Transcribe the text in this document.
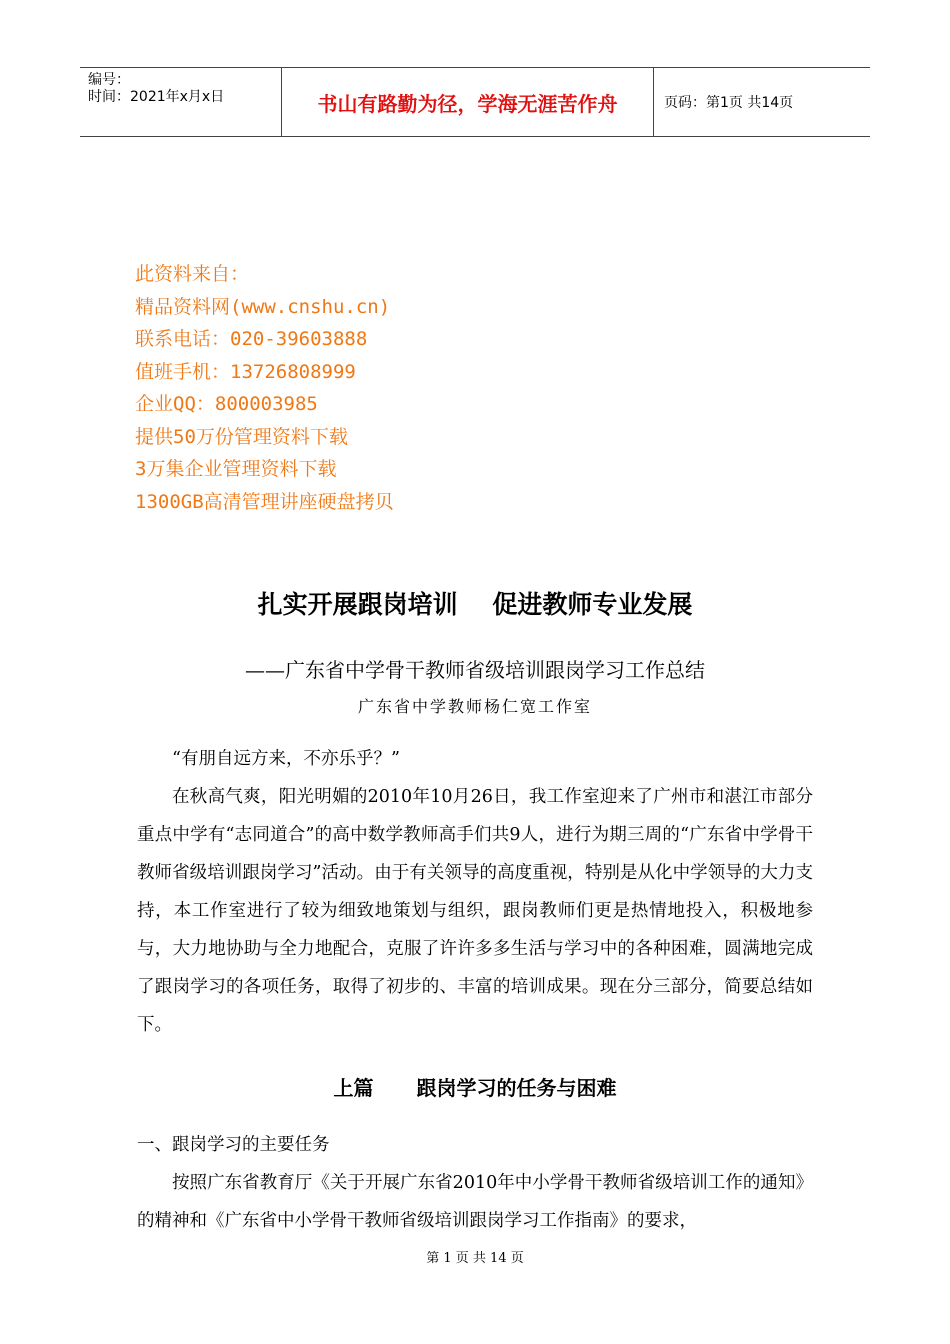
编号：
时间：2021年x月x日	书山有路勤为径，学海无涯苦作舟	页码：第1页 共14页
此资料来自：
精品资料网(www.cnshu.cn)
联系电话：020-39603888
值班手机：13726808999
企业QQ：800003985
提供50万份管理资料下载
3万集企业管理资料下载
1300GB高清管理讲座硬盘拷贝
扎实开展跟岗培训    促进教师专业发展
——广东省中学骨干教师省级培训跟岗学习工作总结
广东省中学教师杨仁宽工作室
“有朋自远方来，不亦乐乎？”
在秋高气爽，阳光明媚的2010年10月26日，我工作室迎来了广州市和湛江市部分重点中学有“志同道合”的高中数学教师高手们共9人，进行为期三周的“广东省中学骨干教师省级培训跟岗学习”活动。由于有关领导的高度重视，特别是从化中学领导的大力支持，本工作室进行了较为细致地策划与组织，跟岗教师们更是热情地投入，积极地参与，大力地协助与全力地配合，克服了许许多多生活与学习中的各种困难，圆满地完成了跟岗学习的各项任务，取得了初步的、丰富的培训成果。现在分三部分，简要总结如下。
上篇 跟岗学习的任务与困难
一、跟岗学习的主要任务
按照广东省教育厅《关于开展广东省2010年中小学骨干教师省级培训工作的通知》的精神和《广东省中小学骨干教师省级培训跟岗学习工作指南》的要求，
第 1 页 共 14 页
